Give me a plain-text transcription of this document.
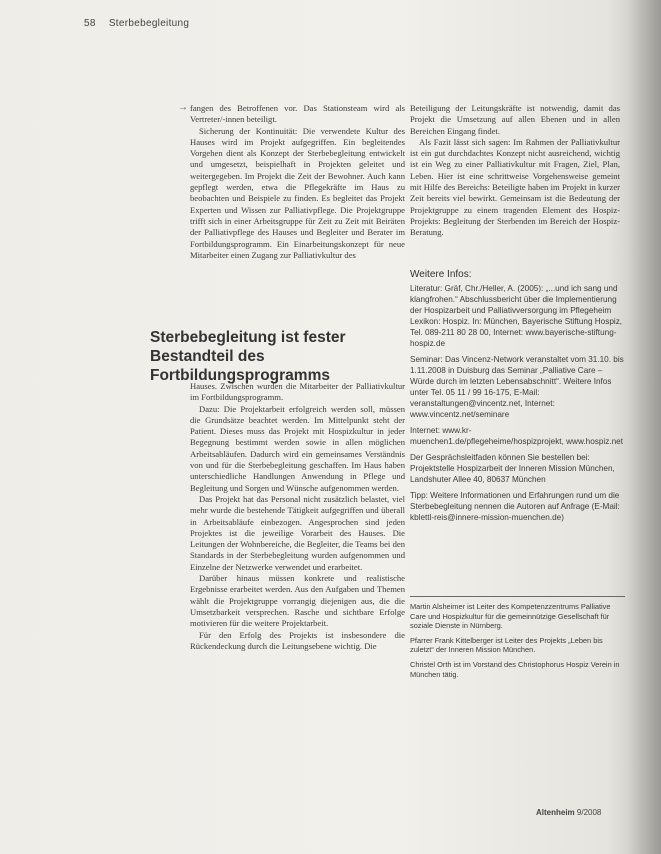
58 Sterbebegleitung
→ fangen des Betroffenen vor. Das Stationsteam wird als Vertreter/-innen beteiligt.

Sicherung der Kontinuität: Die verwendete Kultur des Hauses wird im Projekt aufgegriffen. Ein begleitendes Vorgehen dient als Konzept der Sterbebegleitung entwickelt und umgesetzt, beispielhaft in Projekten geleitet und weitergegeben. Im Projekt die Zeit der Bewohner. Auch kann gepflegt werden, etwa die Pflegekräfte im Haus zu beobachten und Beispiele zu finden. Es begleitet das Projekt Experten und Wissen zur Palliativpflege. Die Projektgruppe trifft sich in einer Arbeitsgruppe für Zeit zu Zeit mit Beiräten der Palliativpflege des Hauses und Begleiter und Berater im Fortbildungsprogramm. Ein Einarbeitungskonzept für neue Mitarbeiter einen Zugang zur Palliativkultur des

Sterbebegleitung ist fester Bestandteil des Fortbildungsprogramms

Hauses. Zwischen wurden die Mitarbeiter der Palliativkultur im Fortbildungsprogramm.

Dazu: Die Projektarbeit erfolgreich werden soll, müssen die Grundsätze beachtet werden. Im Mittelpunkt steht der Patient. Dieses muss das Projekt mit Hospizkultur in jeder Begegnung bestimmt werden sowie in allen möglichen Arbeitsabläufen. Dadurch wird ein gemeinsames Verständnis von und für die Sterbebegleitung geschaffen. Im Haus haben unterschiedliche Handlungen Anwendung in Pflege und Begleitung und Sorgen und Wünsche aufgenommen werden.

Das Projekt hat das Personal nicht zusätzlich belastet, viel mehr wurde die bestehende Tätigkeit aufgegriffen und überall in Arbeitsabläufe einbezogen. Angesprochen sind jeden Projektes ist die jeweilige Vorarbeit des Hauses. Die Leitungen der Wohnbereiche, die Begleiter, die Teams bei den Standards in der Sterbebegleitung wurden aufgenommen und Einzelne der Netzwerke verwendet und erarbeitet.

Darüber hinaus müssen konkrete und realistische Ergebnisse erarbeitet werden. Aus den Aufgaben und Themen wählt die Projektgruppe vorrangig diejenigen aus, die die Umsetzbarkeit versprechen. Rasche und sichtbare Erfolge motivieren für die weitere Projektarbeit.

Für den Erfolg des Projekts ist insbesondere die Rückendeckung durch die Leitungsebene wichtig. Die

Beteiligung der Leitungskräfte ist notwendig, damit das Projekt die Umsetzung auf allen Ebenen und in allen Bereichen Eingang findet.

Als Fazit lässt sich sagen: Im Rahmen der Palliativkultur ist ein gut durchdachtes Konzept nicht ausreichend, wichtig ist ein Weg zu einer Palliativkultur mit Fragen, Ziel, Plan, Leben. Hier ist eine schrittweise Vorgehensweise gemeint mit Hilfe des Bereichs: Beteiligte haben im Projekt in kurzer Zeit bereits viel bewirkt. Gemeinsam ist die Bedeutung der Projektgruppe zu einem tragenden Element des Hospiz-Projekts: Begleitung der Sterbenden im Bereich der Hospiz-Beratung.

Weitere Infos:

Literatur: Gräf, Chr./Heller, A. (2005): „...und ich sang und klangfrohen.“ Abschlussbericht über die Implementierung der Hospizarbeit und Palliativversorgung im Pflegeheim Lexikon: Hospiz. In: München, Bayerische Stiftung Hospiz, Tel. 089-211 80 28 00, Internet: www.bayerische-stiftung-hospiz.de

Seminar: Das Vincenz-Network veranstaltet vom 31.10. bis 1.11.2008 in Duisburg das Seminar „Palliative Care – Würde durch im letzten Lebensabschnitt“. Weitere Infos unter Tel. 05 11 / 99 16-175, E-Mail: veranstaltungen@vincentz.net, Internet: www.vincentz.net/seminare

Internet: www.kr-muenchen1.de/pflegeheime/hospizprojekt, www.hospiz.net

Der Gesprächsleitfaden können Sie bestellen bei: Projektstelle Hospizarbeit der Inneren Mission München, Landshuter Allee 40, 80637 München

Tipp: Weitere Informationen und Erfahrungen rund um die Sterbebegleitung nennen die Autoren auf Anfrage (E-Mail: kblettl-reis@innere-mission-muenchen.de)

Martin Alsheimer ist Leiter des Kompetenzzentrums Palliative Care und Hospizkultur für die gemeinnützige Gesellschaft für soziale Dienste in Nürnberg.

Pfarrer Frank Kittelberger ist Leiter des Projekts „Leben bis zuletzt“ der Inneren Mission München.

Christel Orth ist im Vorstand des Christophorus Hospiz Verein in München tätig.

Altenheim 9/2008
